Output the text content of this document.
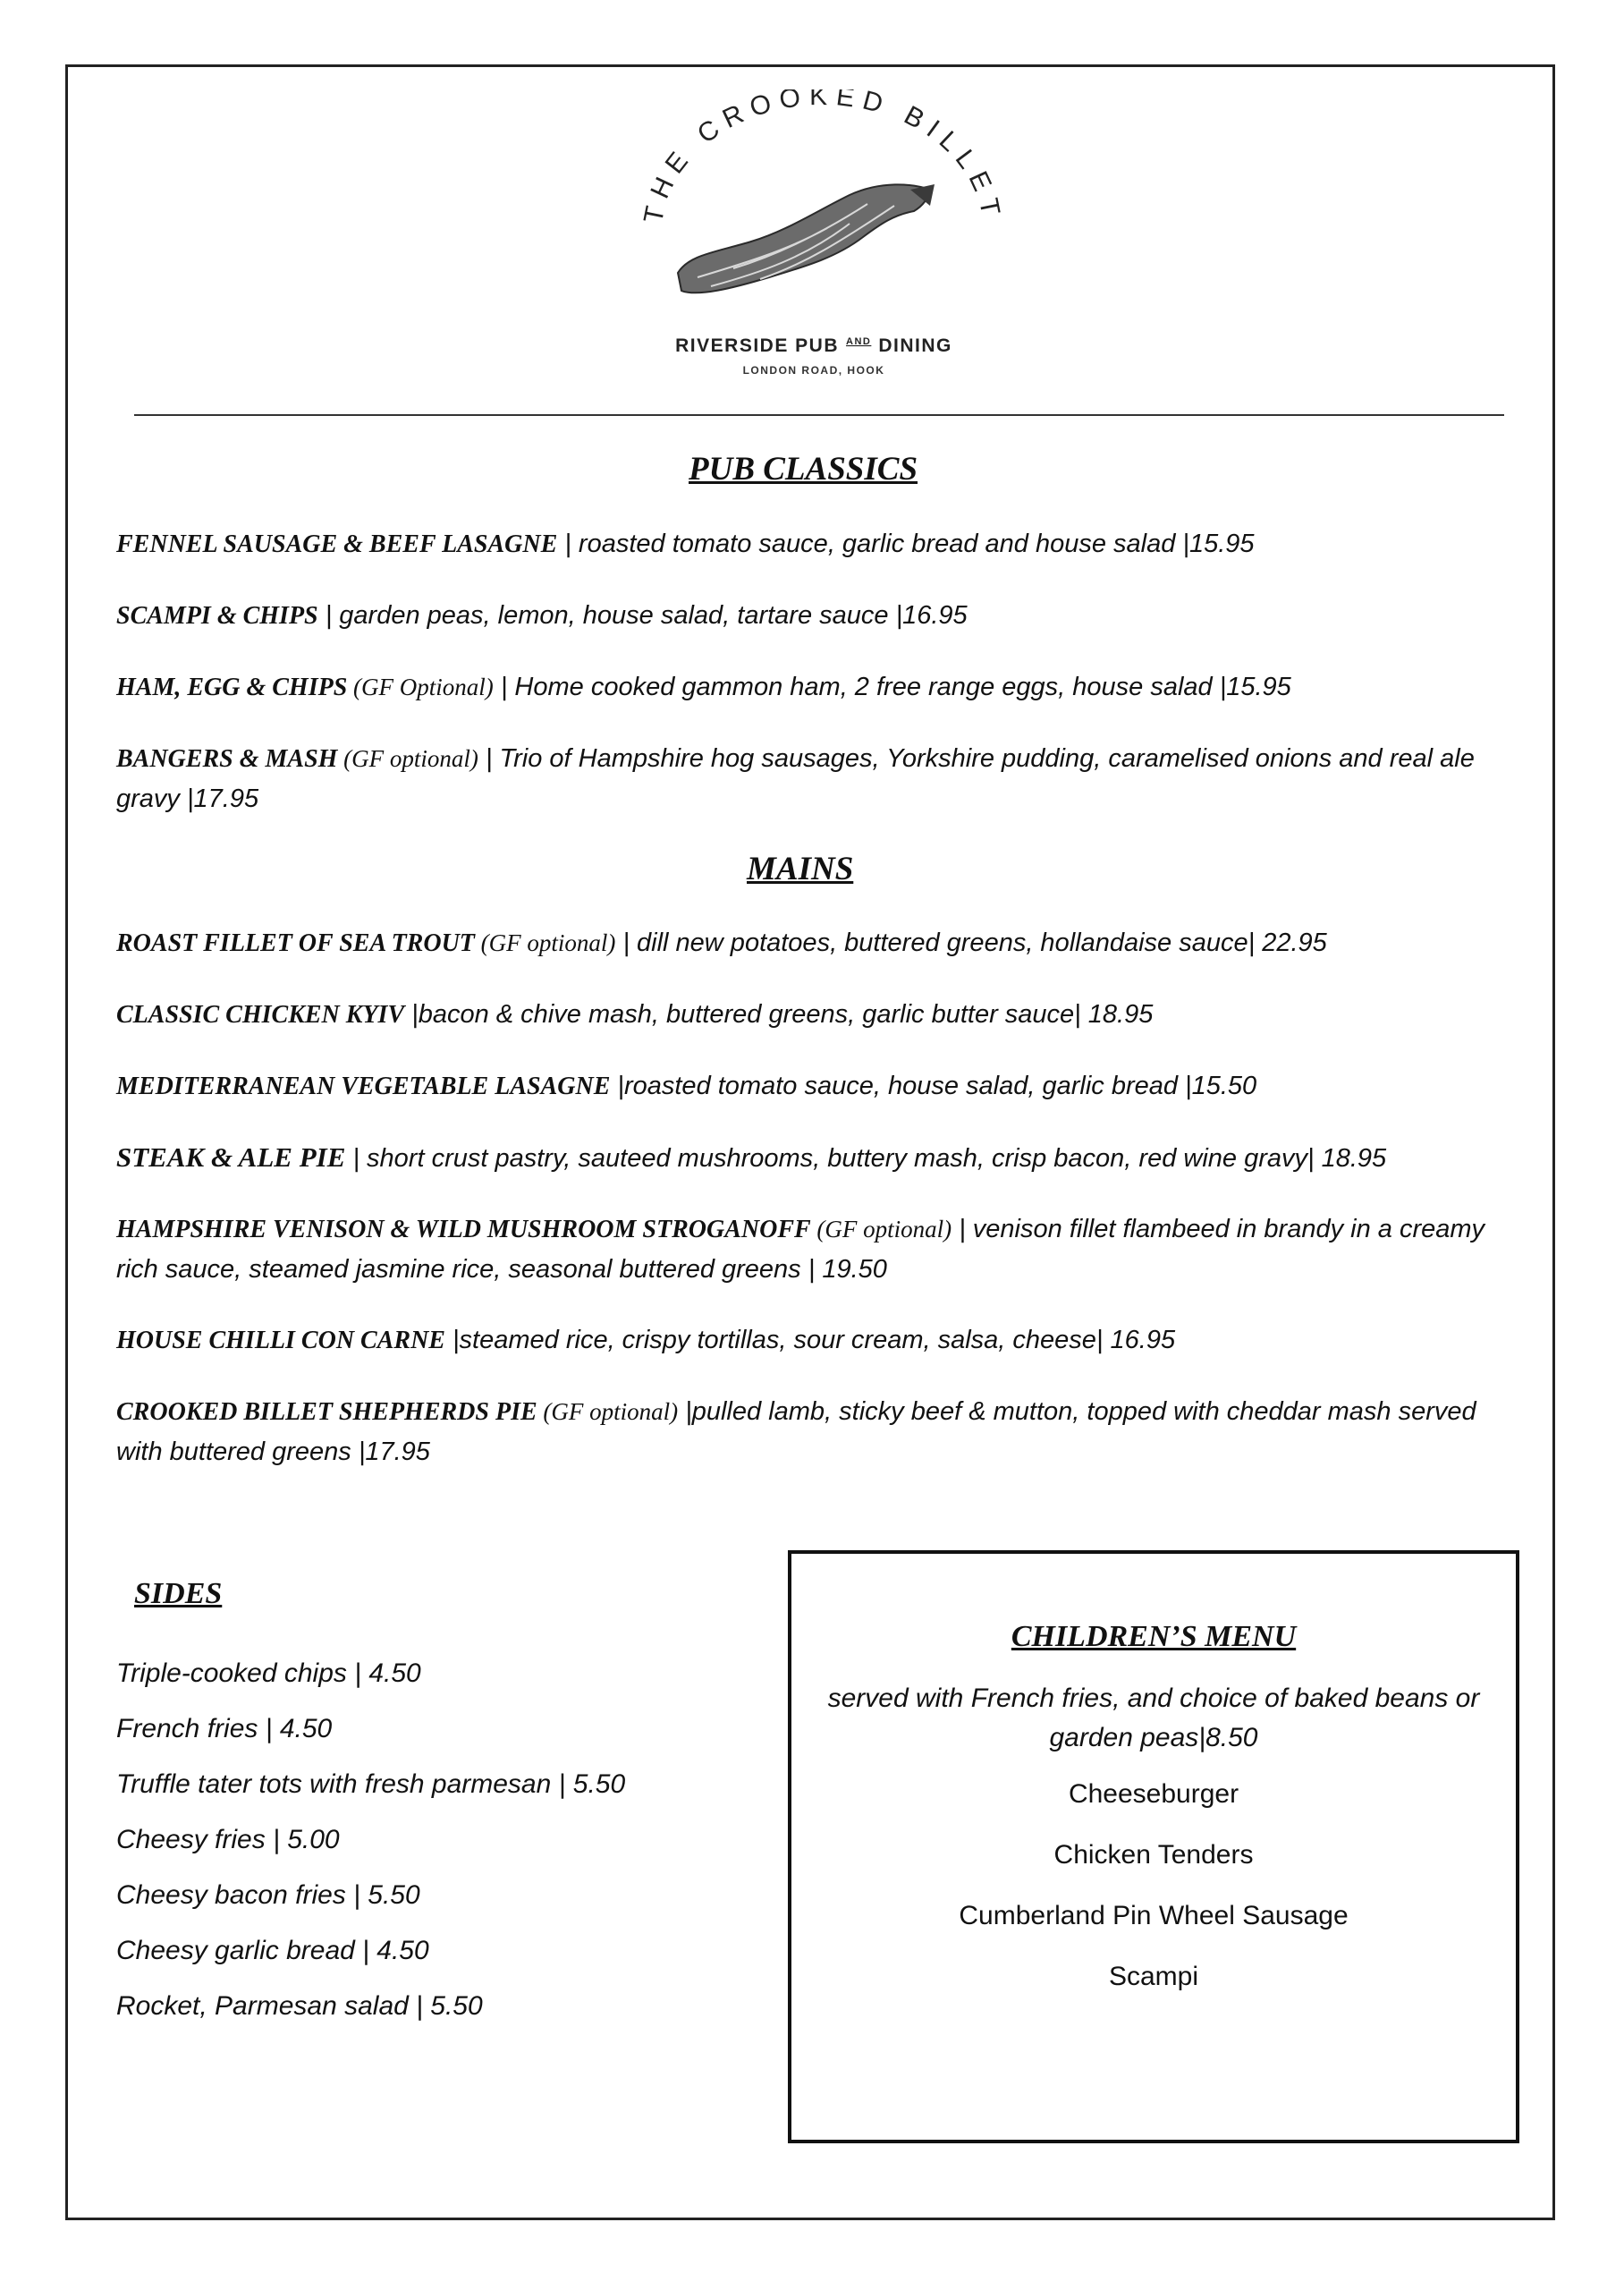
THE CROOKED BILLE
RIVERSIDE PUB $^{AND}$ DINING
LONDON ROAD, HOOK
PUB CLASSICS
FENNEL SAUSAGE & BEEF LASAGNE | roasted tomato sauce, garlic bread and house salad |15.95
SCAMPI & CHIPS | garden peas, lemon, house salad, tartare sauce |16.95
HAM, EGG & CHIPS (GF Optional) | Home cooked gammon ham, 2 free range eggs, house salad |15.95
BANGERS & MASH (GF optional) | Trio of Hampshire hog sausages, Yorkshire pudding, caramelised onions and real ale gravy |17.95
MAINS
ROAST FILLET OF SEA TROUT (GF optional) | dill new potatoes, buttered greens, hollandaise sauce| 22.95
CLASSIC CHICKEN KYIV |bacon & chive mash, buttered greens, garlic butter sauce| 18.95
MEDITERRANEAN VEGETABLE LASAGNE |roasted tomato sauce, house salad, garlic bread |15.50
STEAK & ALE PIE | short crust pastry, sauteed mushrooms, buttery mash, crisp bacon, red wine gravy| 18.95
HAMPSHIRE VENISON & WILD MUSHROOM STROGANOFF (GF optional) | venison fillet flambeed in brandy in a creamy rich sauce, steamed jasmine rice, seasonal buttered greens | 19.50
HOUSE CHILLI CON CARNE |steamed rice, crispy tortillas, sour cream, salsa, cheese| 16.95
CROOKED BILLET SHEPHERDS PIE (GF optional) |pulled lamb, sticky beef & mutton, topped with cheddar mash served with buttered greens |17.95
SIDES
Triple-cooked chips | 4.50
French fries | 4.50
Truffle tater tots with fresh parmesan | 5.50
Cheesy fries | 5.00
Cheesy bacon fries | 5.50
Cheesy garlic bread | 4.50
Rocket, Parmesan salad | 5.50
CHILDREN’S MENU
served with French fries, and choice of baked beans or garden peas|8.50
Cheeseburger
Chicken Tenders
Cumberland Pin Wheel Sausage
Scampi
